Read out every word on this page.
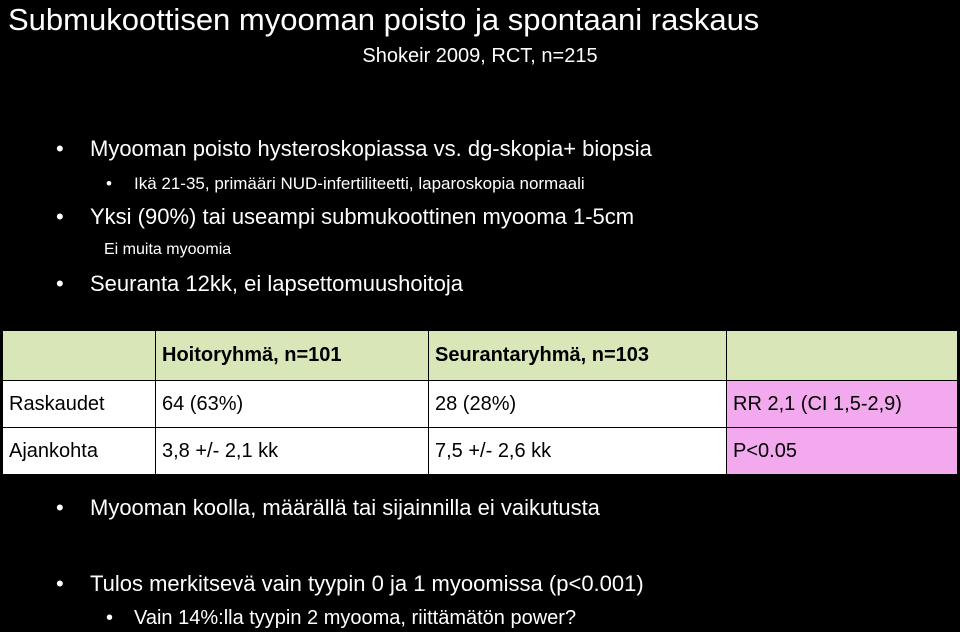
Submukoottisen myooman poisto ja spontaani raskaus
Shokeir 2009, RCT, n=215
• Myooman poisto hysteroskopiassa vs. dg-skopia+ biopsia
• Ikä 21-35, primääri NUD-infertiliteetti, laparoskopia normaali
• Yksi (90%) tai useampi submukoottinen myooma 1-5cm
Ei muita myoomia
• Seuranta 12kk, ei lapsettomuushoitoja
	Hoitoryhmä, n=101	Seurantaryhmä, n=103	
Raskaudet	64 (63%)	28 (28%)	RR 2,1 (CI 1,5-2,9)
Ajankohta	3,8 +/- 2,1 kk	7,5 +/- 2,6 kk	P<0.05
• Myooman koolla, määrällä tai sijainnilla ei vaikutusta
• Tulos merkitsevä vain tyypin 0 ja 1 myoomissa (p<0.001)
• Vain 14%:lla tyypin 2 myooma, riittämätön power?
